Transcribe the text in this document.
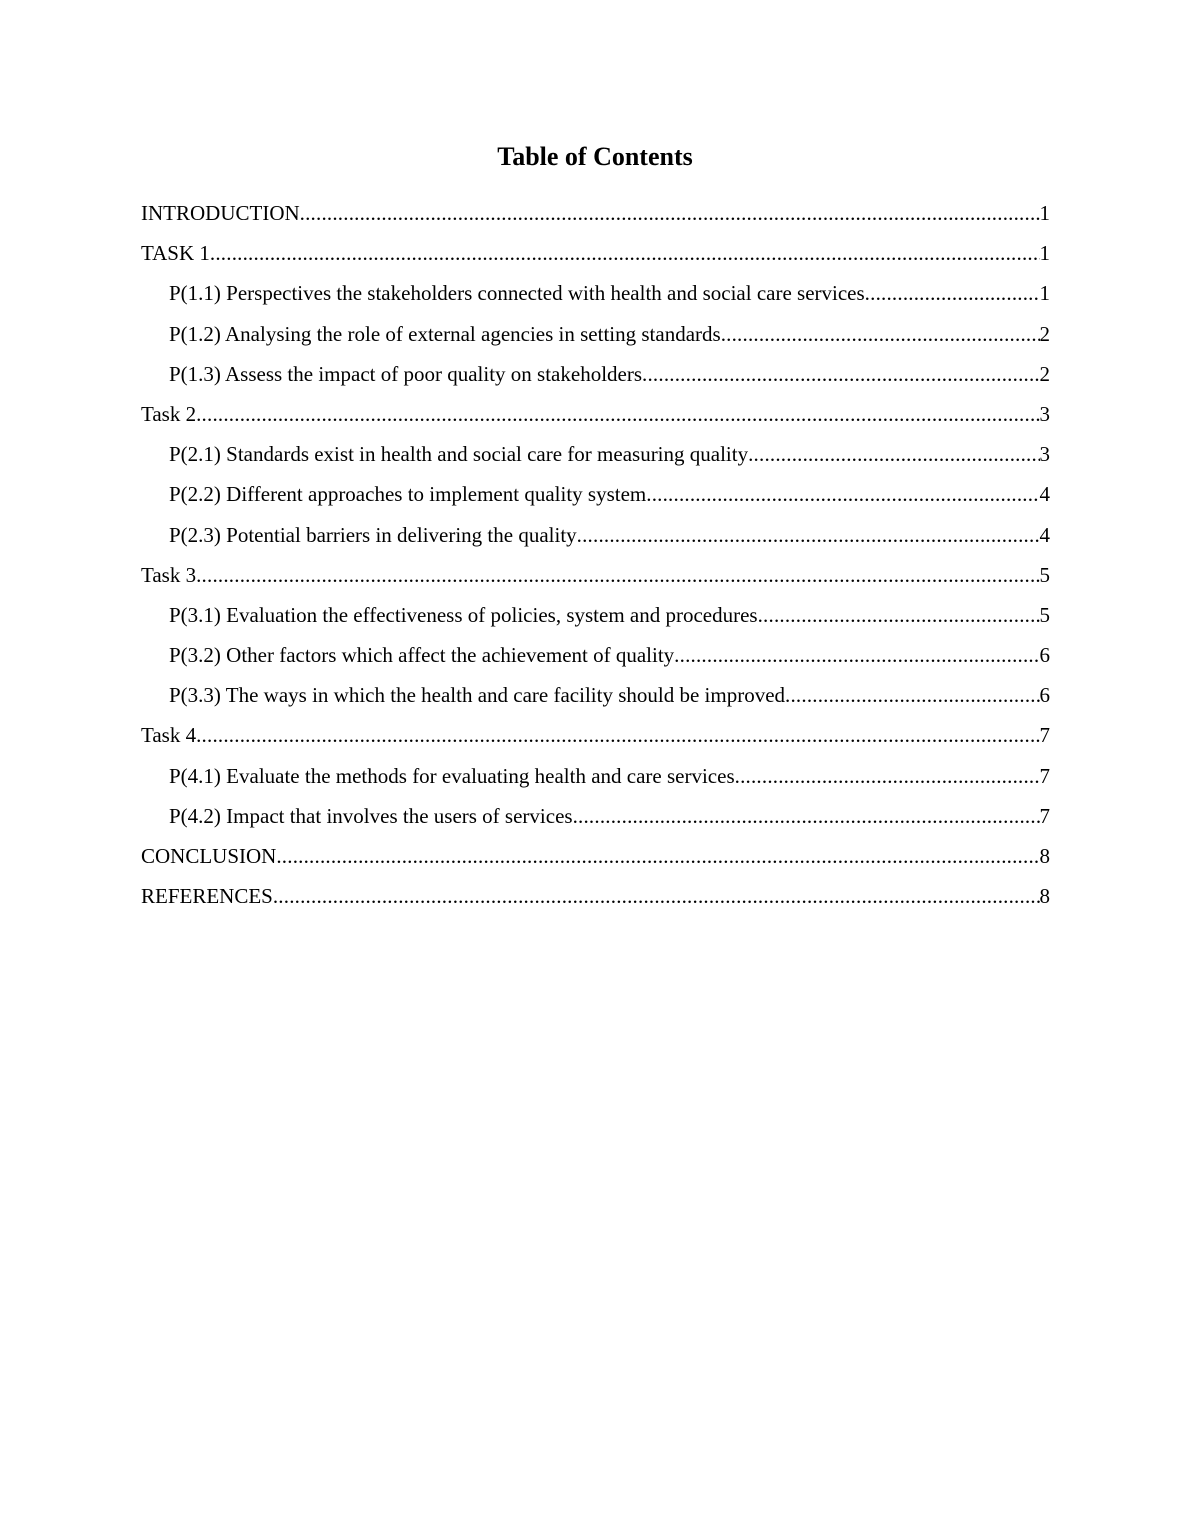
Table of Contents
INTRODUCTION .....	1
TASK 1 .....	1
P(1.1) Perspectives the stakeholders connected with health and social care services .....	1
P(1.2) Analysing the role of external agencies in setting standards .....	2
P(1.3) Assess the impact of poor quality on stakeholders .....	2
Task 2 .....	3
P(2.1) Standards exist in health and social care for measuring quality .....	3
P(2.2) Different approaches to implement quality system .....	4
P(2.3) Potential barriers in delivering the quality .....	4
Task 3 .....	5
P(3.1) Evaluation the effectiveness of policies, system and procedures .....	5
P(3.2) Other factors which affect the achievement of quality .....	6
P(3.3) The ways in which the health and care facility should be improved .....	6
Task 4 .....	7
P(4.1) Evaluate the methods for evaluating health and care services .....	7
P(4.2) Impact that involves the users of services .....	7
CONCLUSION .....	8
REFERENCES .....	8
